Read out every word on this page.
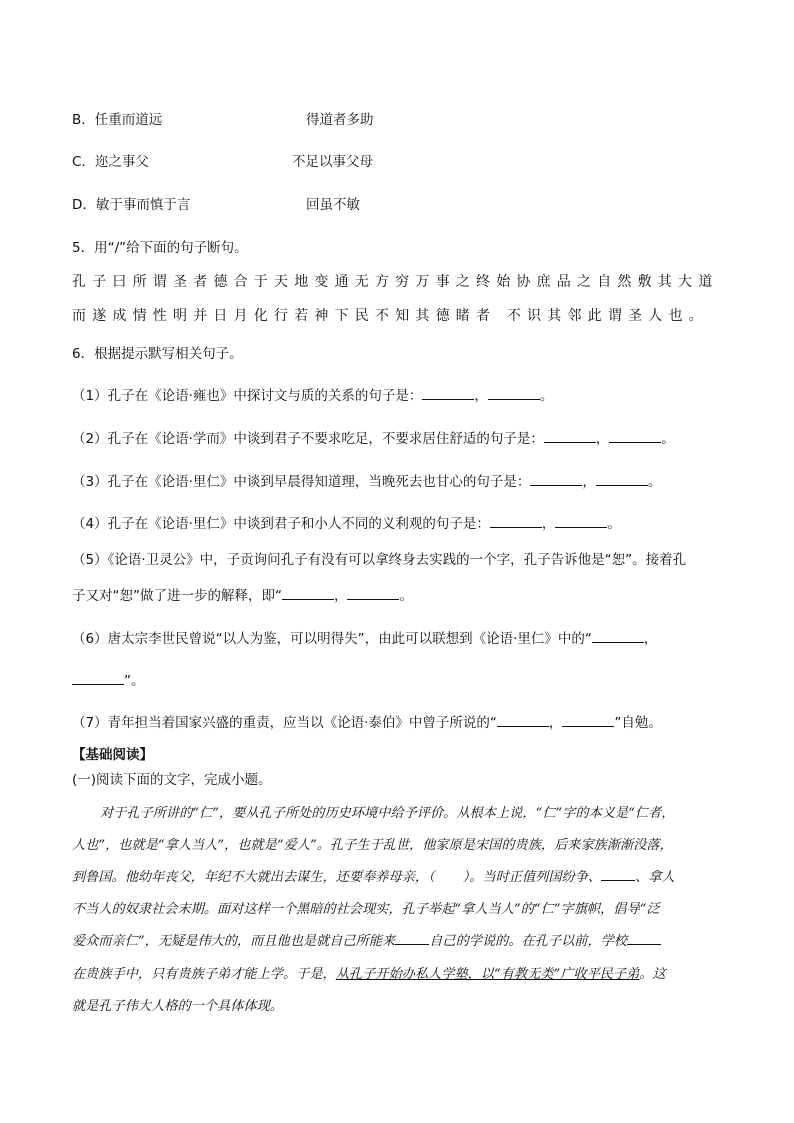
B．任重而道远	得道者多助
C．迩之事父	不足以事父母
D．敏于事而慎于言	回虽不敏
5．用“/”给下面的句子断句。
孔子曰所谓圣者德合于天地变通无方穷万事之终始协庶品之自然敷其大道
而遂成情性明并日月化行若神下民不知其德睹者 不识其邻此谓圣人也。
6．根据提示默写相关句子。
（1）孔子在《论语·雍也》中探讨文与质的关系的句子是：	，	。
（2）孔子在《论语·学而》中谈到君子不要求吃足，不要求居住舒适的句子是：	，	。
（3）孔子在《论语·里仁》中谈到早晨得知道理，当晚死去也甘心的句子是：	，	。
（4）孔子在《论语·里仁》中谈到君子和小人不同的义利观的句子是：	，	。
（5）《论语·卫灵公》中，子贡询问孔子有没有可以拿终身去实践的一个字，孔子告诉他是“恕”。接着孔
子又对“恕”做了进一步的解释，即“	，	。
（6）唐太宗李世民曾说“以人为鉴，可以明得失”，由此可以联想到《论语·里仁》中的“	，
”。
（7）青年担当着国家兴盛的重责，应当以《论语·泰伯》中曾子所说的“	，	”自勉。
【基础阅读】
(一)阅读下面的文字，完成小题。
对于孔子所讲的“仁”，要从孔子所处的历史环境中给予评价。从根本上说，“仁”字的本义是“仁者，
人也”，也就是“拿人当人”，也就是“爱人”。孔子生于乱世，他家原是宋国的贵族，后来家族渐渐没落，
到鲁国。他幼年丧父，年纪不大就出去谋生，还要奉养母亲，（ ）。当时正值列国纷争、	、拿人
不当人的奴隶社会末期。面对这样一个黑暗的社会现实，孔子举起“拿人当人”的“仁”字旗帜，倡导“泛
爱众而亲仁”，无疑是伟大的，而且他也是就自己所能来	自己的学说的。在孔子以前，学校
在贵族手中，只有贵族子弟才能上学。于是，从孔子开始办私人学塾，以“有教无类”广收平民子弟。这
就是孔子伟大人格的一个具体体现。
